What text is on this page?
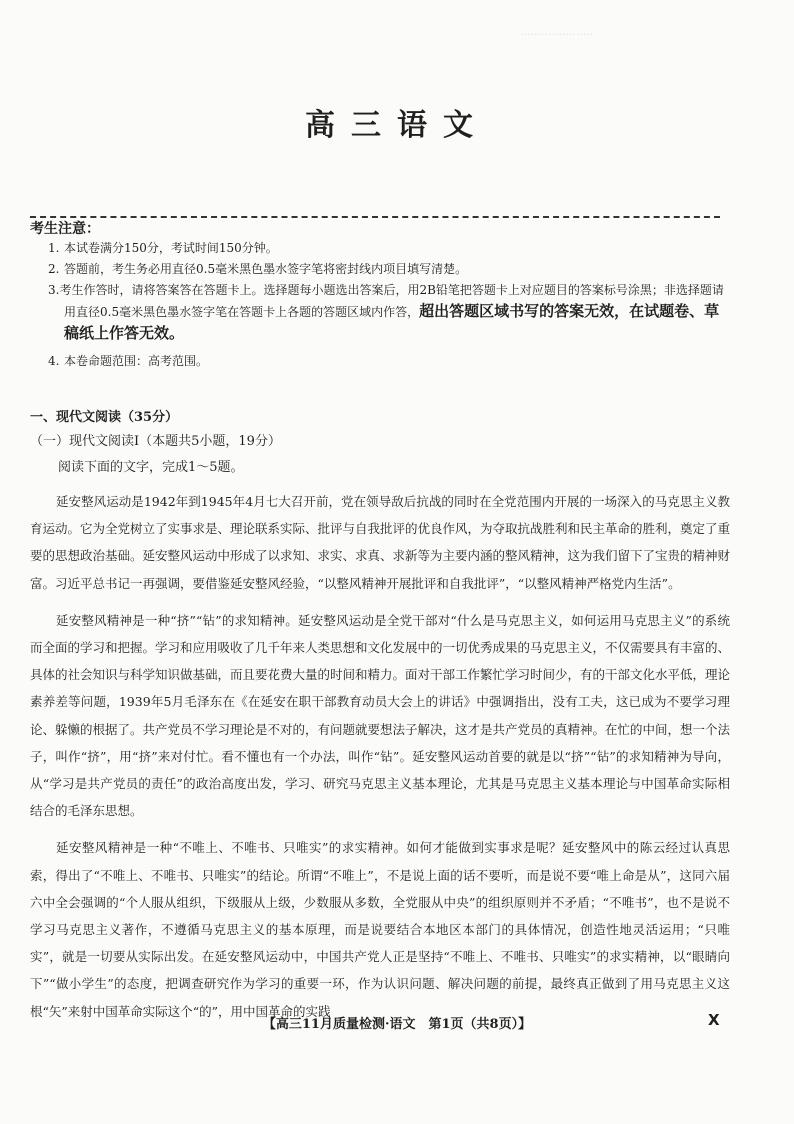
·····················
高三语文
考生注意：
1. 本试卷满分150分，考试时间150分钟。
2. 答题前，考生务必用直径0.5毫米黑色墨水签字笔将密封线内项目填写清楚。
3.考生作答时，请将答案答在答题卡上。选择题每小题选出答案后，用2B铅笔把答题卡上对应题目的答案标号涂黑；非选择题请用直径0.5毫米黑色墨水签字笔在答题卡上各题的答题区域内作答，超出答题区域书写的答案无效，在试题卷、草稿纸上作答无效。
4. 本卷命题范围：高考范围。
一、现代文阅读（35分）
（一）现代文阅读Ⅰ（本题共5小题，19分）
阅读下面的文字，完成1～5题。

延安整风运动是1942年到1945年4月七大召开前，党在领导敌后抗战的同时在全党范围内开展的一场深入的马克思主义教育运动。它为全党树立了实事求是、理论联系实际、批评与自我批评的优良作风，为夺取抗战胜利和民主革命的胜利，奠定了重要的思想政治基础。延安整风运动中形成了以求知、求实、求真、求新等为主要内涵的整风精神，这为我们留下了宝贵的精神财富。习近平总书记一再强调，要借鉴延安整风经验，“以整风精神开展批评和自我批评”，“以整风精神严格党内生活”。

延安整风精神是一种“挤”“钻”的求知精神。延安整风运动是全党干部对“什么是马克思主义，如何运用马克思主义”的系统而全面的学习和把握。学习和应用吸收了几千年来人类思想和文化发展中的一切优秀成果的马克思主义，不仅需要具有丰富的、具体的社会知识与科学知识做基础，而且要花费大量的时间和精力。面对干部工作繁忙学习时间少，有的干部文化水平低，理论素养差等问题，1939年5月毛泽东在《在延安在职干部教育动员大会上的讲话》中强调指出，没有工夫，这已成为不要学习理论、躲懒的根据了。共产党员不学习理论是不对的，有问题就要想法子解决，这才是共产党员的真精神。在忙的中间，想一个法子，叫作“挤”，用“挤”来对付忙。看不懂也有一个办法，叫作“钻”。延安整风运动首要的就是以“挤”“钻”的求知精神为导向，从“学习是共产党员的责任”的政治高度出发，学习、研究马克思主义基本理论，尤其是马克思主义基本理论与中国革命实际相结合的毛泽东思想。

延安整风精神是一种“不唯上、不唯书、只唯实”的求实精神。如何才能做到实事求是呢？延安整风中的陈云经过认真思索，得出了“不唯上、不唯书、只唯实”的结论。所谓“不唯上”，不是说上面的话不要听，而是说不要“唯上命是从”，这同六届六中全会强调的“个人服从组织，下级服从上级，少数服从多数，全党服从中央”的组织原则并不矛盾；“不唯书”，也不是说不学习马克思主义著作，不遵循马克思主义的基本原理，而是说要结合本地区本部门的具体情况，创造性地灵活运用；“只唯实”，就是一切要从实际出发。在延安整风运动中，中国共产党人正是坚持“不唯上、不唯书、只唯实”的求实精神，以“眼睛向下”“做小学生”的态度，把调查研究作为学习的重要一环，作为认识问题、解决问题的前提，最终真正做到了用马克思主义这根“矢”来射中国革命实际这个“的”，用中国革命的实践

【高三11月质量检测·语文　第1页（共8页）】	X
